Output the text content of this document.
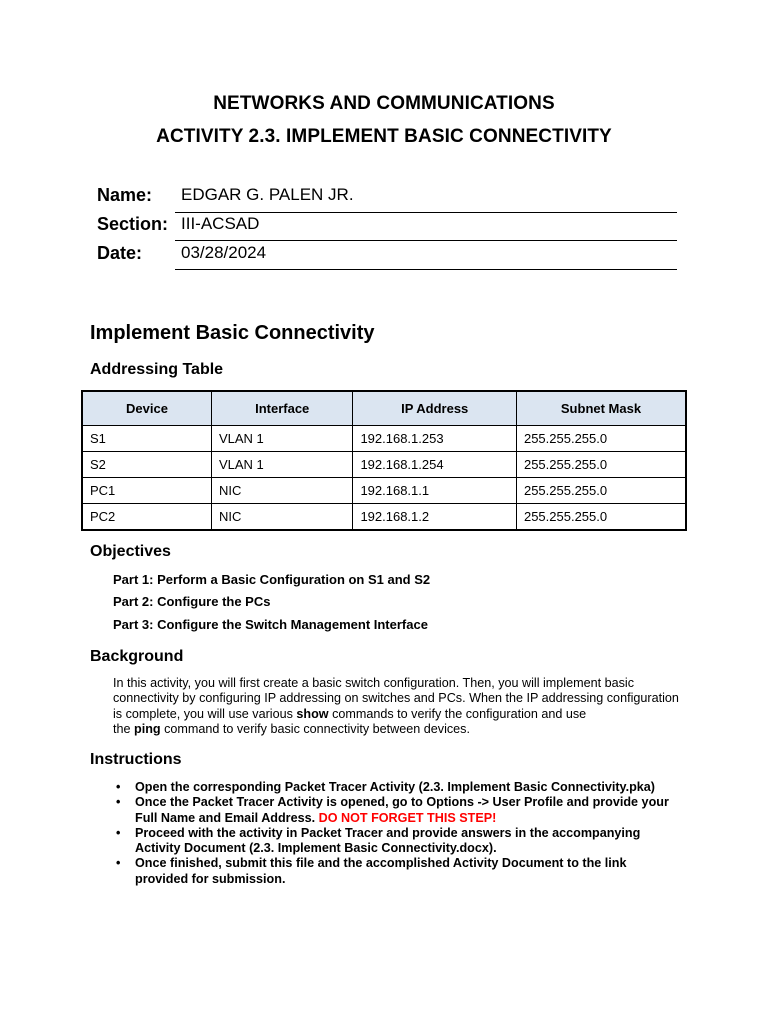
NETWORKS AND COMMUNICATIONS
ACTIVITY 2.3. IMPLEMENT BASIC CONNECTIVITY
Name: EDGAR G. PALEN JR.
Section: III-ACSAD
Date: 03/28/2024
Implement Basic Connectivity
Addressing Table
Device	Interface	IP Address	Subnet Mask
S1	VLAN 1	192.168.1.253	255.255.255.0
S2	VLAN 1	192.168.1.254	255.255.255.0
PC1	NIC	192.168.1.1	255.255.255.0
PC2	NIC	192.168.1.2	255.255.255.0
Objectives
Part 1: Perform a Basic Configuration on S1 and S2
Part 2: Configure the PCs
Part 3: Configure the Switch Management Interface
Background
In this activity, you will first create a basic switch configuration. Then, you will implement basic
connectivity by configuring IP addressing on switches and PCs. When the IP addressing configuration
is complete, you will use various show commands to verify the configuration and use
the ping command to verify basic connectivity between devices.
Instructions
• Open the corresponding Packet Tracer Activity (2.3. Implement Basic Connectivity.pka)
• Once the Packet Tracer Activity is opened, go to Options -> User Profile and provide your
Full Name and Email Address. DO NOT FORGET THIS STEP!
• Proceed with the activity in Packet Tracer and provide answers in the accompanying
Activity Document (2.3. Implement Basic Connectivity.docx).
• Once finished, submit this file and the accomplished Activity Document to the link
provided for submission.
